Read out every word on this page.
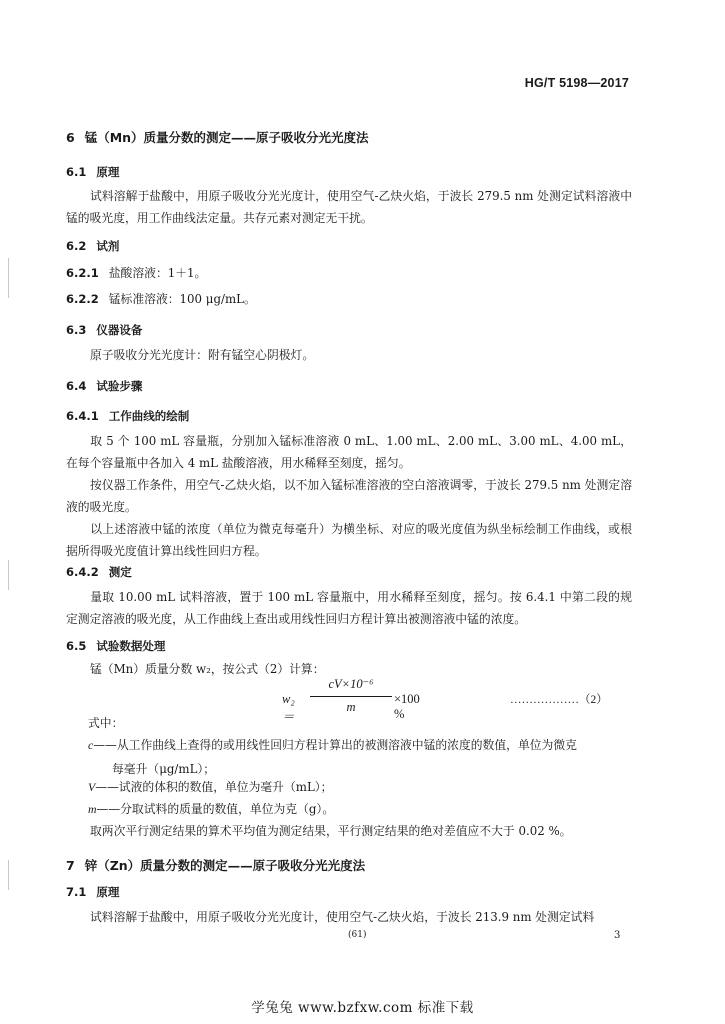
HG/T 5198—2017
6 锰（Mn）质量分数的测定——原子吸收分光光度法
6.1 原理
试料溶解于盐酸中，用原子吸收分光光度计，使用空气-乙炔火焰，于波长 279.5 nm 处测定试料溶液中锰的吸光度，用工作曲线法定量。共存元素对测定无干扰。
6.2 试剂
6.2.1 盐酸溶液：1＋1。
6.2.2 锰标准溶液：100 μg/mL。
6.3 仪器设备
原子吸收分光光度计：附有锰空心阴极灯。
6.4 试验步骤
6.4.1 工作曲线的绘制
取 5 个 100 mL 容量瓶，分别加入锰标准溶液 0 mL、1.00 mL、2.00 mL、3.00 mL、4.00 mL，在每个容量瓶中各加入 4 mL 盐酸溶液，用水稀释至刻度，摇匀。
按仪器工作条件，用空气-乙炔火焰，以不加入锰标准溶液的空白溶液调零，于波长 279.5 nm 处测定溶液的吸光度。
以上述溶液中锰的浓度（单位为微克每毫升）为横坐标、对应的吸光度值为纵坐标绘制工作曲线，或根据所得吸光度值计算出线性回归方程。
6.4.2 测定
量取 10.00 mL 试料溶液，置于 100 mL 容量瓶中，用水稀释至刻度，摇匀。按 6.4.1 中第二段的规定测定溶液的吸光度，从工作曲线上查出或用线性回归方程计算出被测溶液中锰的浓度。
6.5 试验数据处理
锰（Mn）质量分数 w₂，按公式（2）计算：
w₂＝
cV×10⁻⁶
m
×100 %
………………（2）
式中：
c——从工作曲线上查得的或用线性回归方程计算出的被测溶液中锰的浓度的数值，单位为微克
每毫升（μg/mL）；
V——试液的体积的数值，单位为毫升（mL）；
m——分取试料的质量的数值，单位为克（g）。
取两次平行测定结果的算术平均值为测定结果，平行测定结果的绝对差值应不大于 0.02 %。
7 锌（Zn）质量分数的测定——原子吸收分光光度法
7.1 原理
试料溶解于盐酸中，用原子吸收分光光度计，使用空气-乙炔火焰，于波长 213.9 nm 处测定试料
(61)	3
学兔兔 www.bzfxw.com 标准下载
